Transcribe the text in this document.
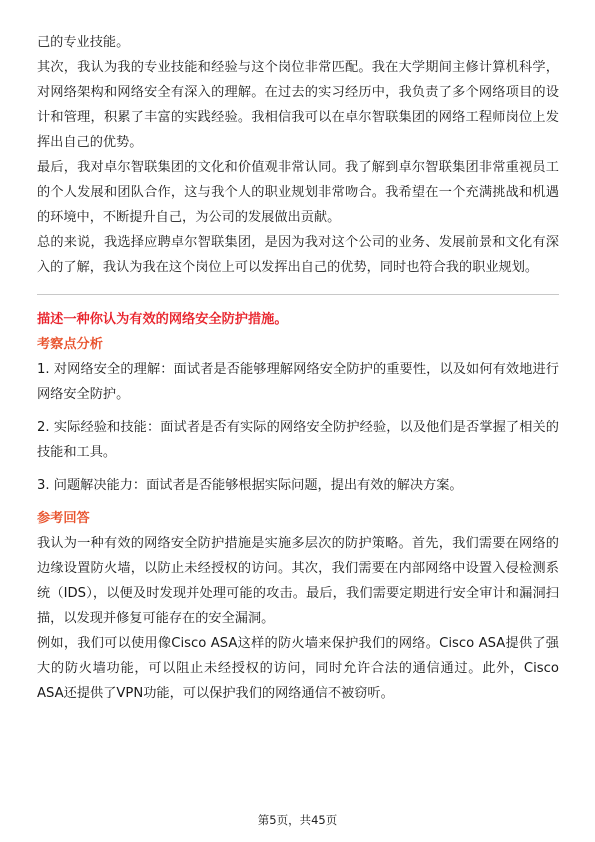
己的专业技能。

其次，我认为我的专业技能和经验与这个岗位非常匹配。我在大学期间主修计算机科学，对网络架构和网络安全有深入的理解。在过去的实习经历中，我负责了多个网络项目的设计和管理，积累了丰富的实践经验。我相信我可以在卓尔智联集团的网络工程师岗位上发挥出自己的优势。

最后，我对卓尔智联集团的文化和价值观非常认同。我了解到卓尔智联集团非常重视员工的个人发展和团队合作，这与我个人的职业规划非常吻合。我希望在一个充满挑战和机遇的环境中，不断提升自己，为公司的发展做出贡献。

总的来说，我选择应聘卓尔智联集团，是因为我对这个公司的业务、发展前景和文化有深入的了解，我认为我在这个岗位上可以发挥出自己的优势，同时也符合我的职业规划。

描述一种你认为有效的网络安全防护措施。

考察点分析

1. 对网络安全的理解：面试者是否能够理解网络安全防护的重要性，以及如何有效地进行网络安全防护。

2. 实际经验和技能：面试者是否有实际的网络安全防护经验，以及他们是否掌握了相关的技能和工具。

3. 问题解决能力：面试者是否能够根据实际问题，提出有效的解决方案。

参考回答

我认为一种有效的网络安全防护措施是实施多层次的防护策略。首先，我们需要在网络的边缘设置防火墙，以防止未经授权的访问。其次，我们需要在内部网络中设置入侵检测系统（IDS），以便及时发现并处理可能的攻击。最后，我们需要定期进行安全审计和漏洞扫描，以发现并修复可能存在的安全漏洞。

例如，我们可以使用像Cisco ASA这样的防火墙来保护我们的网络。Cisco ASA提供了强大的防火墙功能，可以阻止未经授权的访问，同时允许合法的通信通过。此外，Cisco ASA还提供了VPN功能，可以保护我们的网络通信不被窃听。

第5页，共45页
